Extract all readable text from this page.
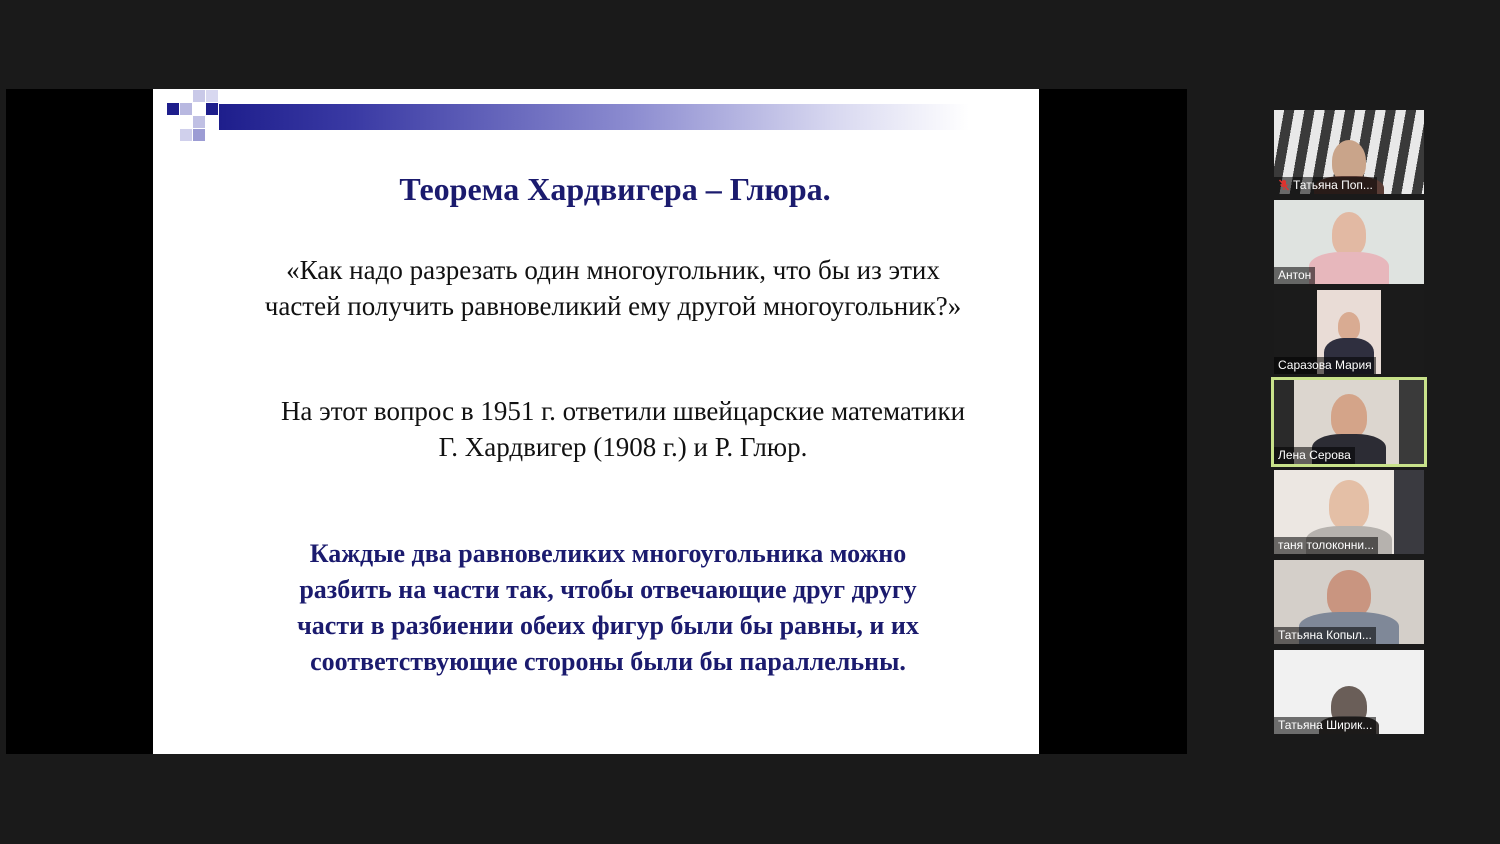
Теорема Хардвигера – Глюра.
«Как надо разрезать один многоугольник, что бы из этих
частей получить равновеликий ему другой многоугольник?»
На этот вопрос в 1951 г. ответили швейцарские математики
Г. Хардвигер (1908 г.) и Р. Глюр.
Каждые два равновеликих многоугольника можно
разбить на части так, чтобы отвечающие друг другу
части в разбиении обеих фигур были бы равны, и их
соответствующие стороны были бы параллельны.
Татьяна Поп...
Антон
Саразова Мария
Лена Серова
таня толоконни...
Татьяна Копыл...
Татьяна Ширик...
